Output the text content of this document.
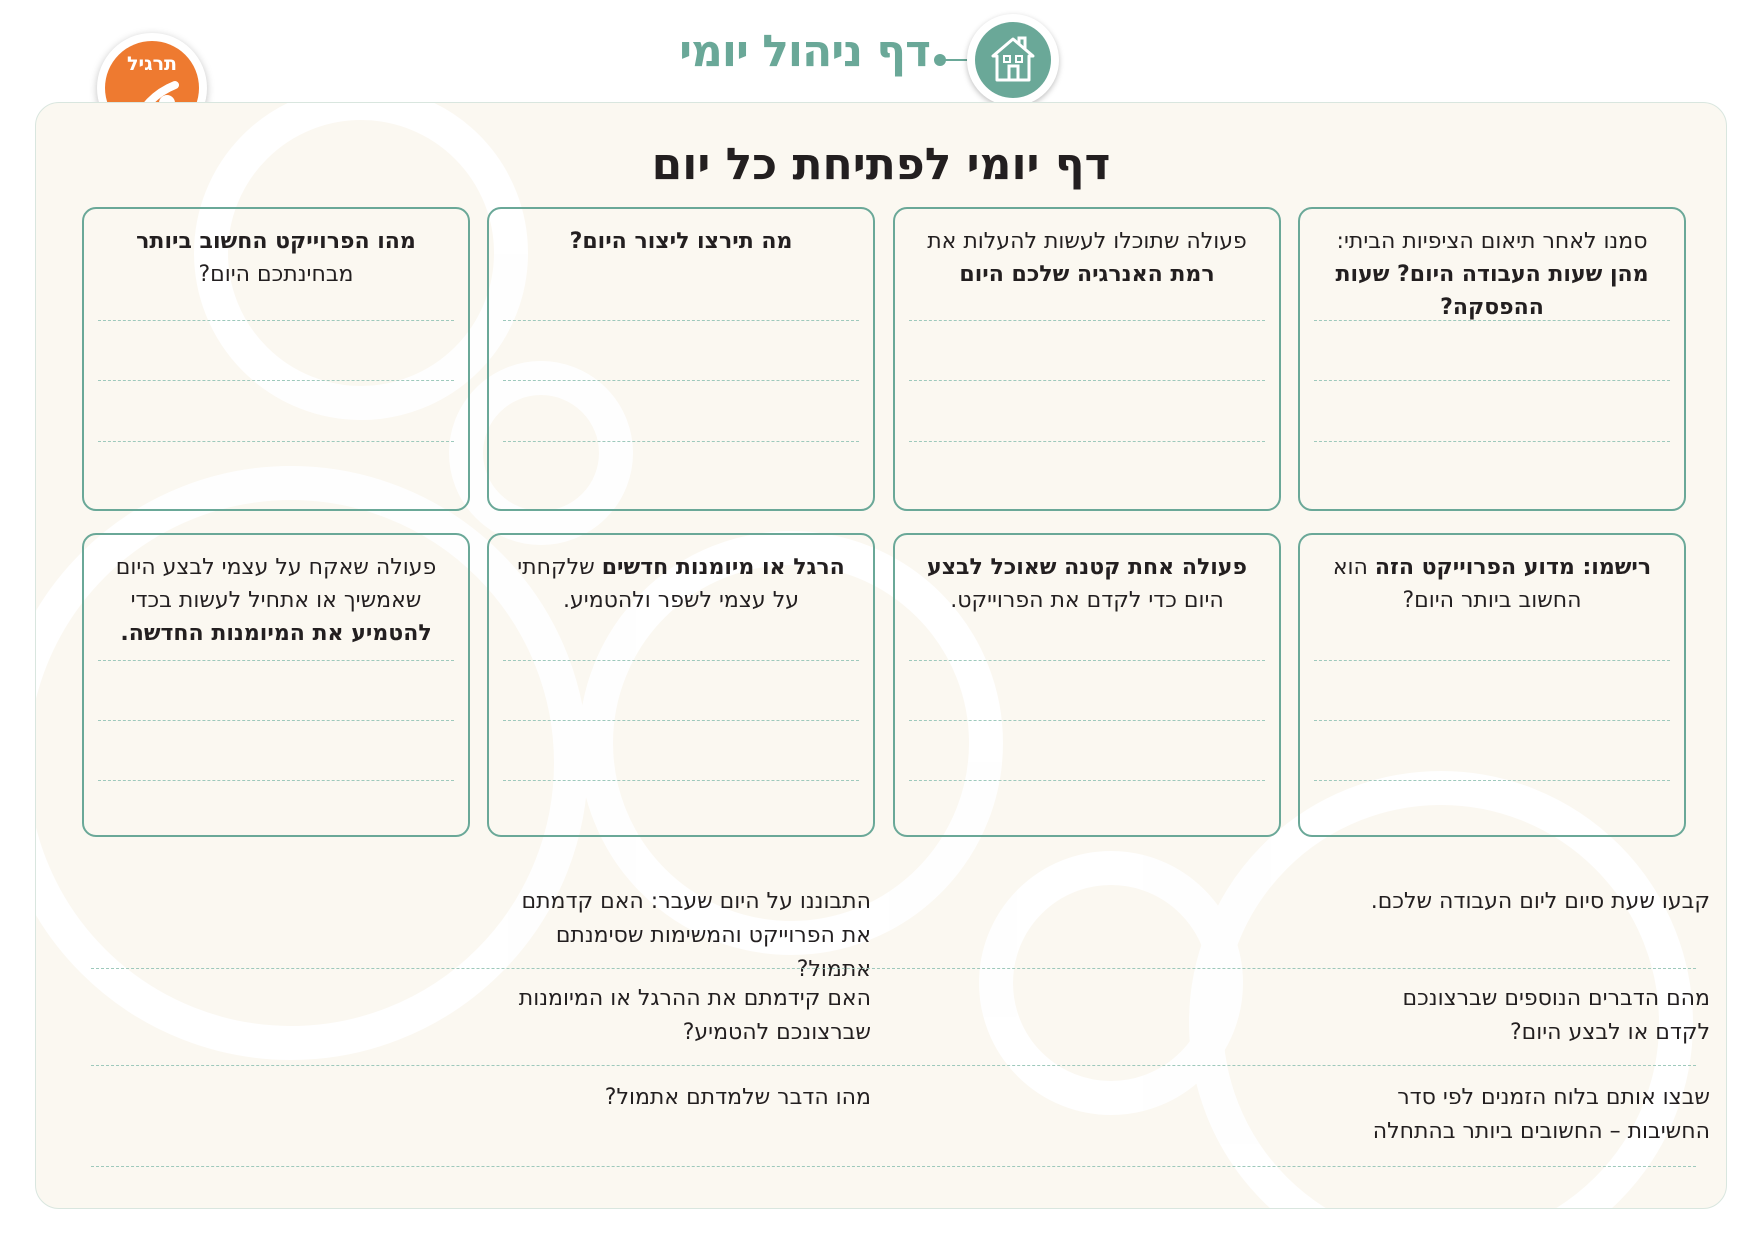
דף ניהול יומי
תרגיל
דף יומי לפתיחת כל יום
סמנו לאחר תיאום הציפיות הביתי: מהן שעות העבודה היום? שעות ההפסקה?
פעולה שתוכלו לעשות להעלות את רמת האנרגיה שלכם היום
מה תירצו ליצור היום?
מהו הפרוייקט החשוב ביותר מבחינתכם היום?
רישמו: מדוע הפרוייקט הזה הוא החשוב ביותר היום?
פעולה אחת קטנה שאוכל לבצע היום כדי לקדם את הפרוייקט.
הרגל או מיומנות חדשים שלקחתי על עצמי לשפר ולהטמיע.
פעולה שאקח על עצמי לבצע היום שאמשיך או אתחיל לעשות בכדי להטמיע את המיומנות החדשה.
קבעו שעת סיום ליום העבודה שלכם.
מהם הדברים הנוספים שברצונכם לקדם או לבצע היום?
שבצו אותם בלוח הזמנים לפי סדר החשיבות – החשובים ביותר בהתחלה
התבוננו על היום שעבר: האם קדמתם את הפרוייקט והמשימות שסימנתם אתמול?
האם קידמתם את ההרגל או המיומנות שברצונכם להטמיע?
מהו הדבר שלמדתם אתמול?
